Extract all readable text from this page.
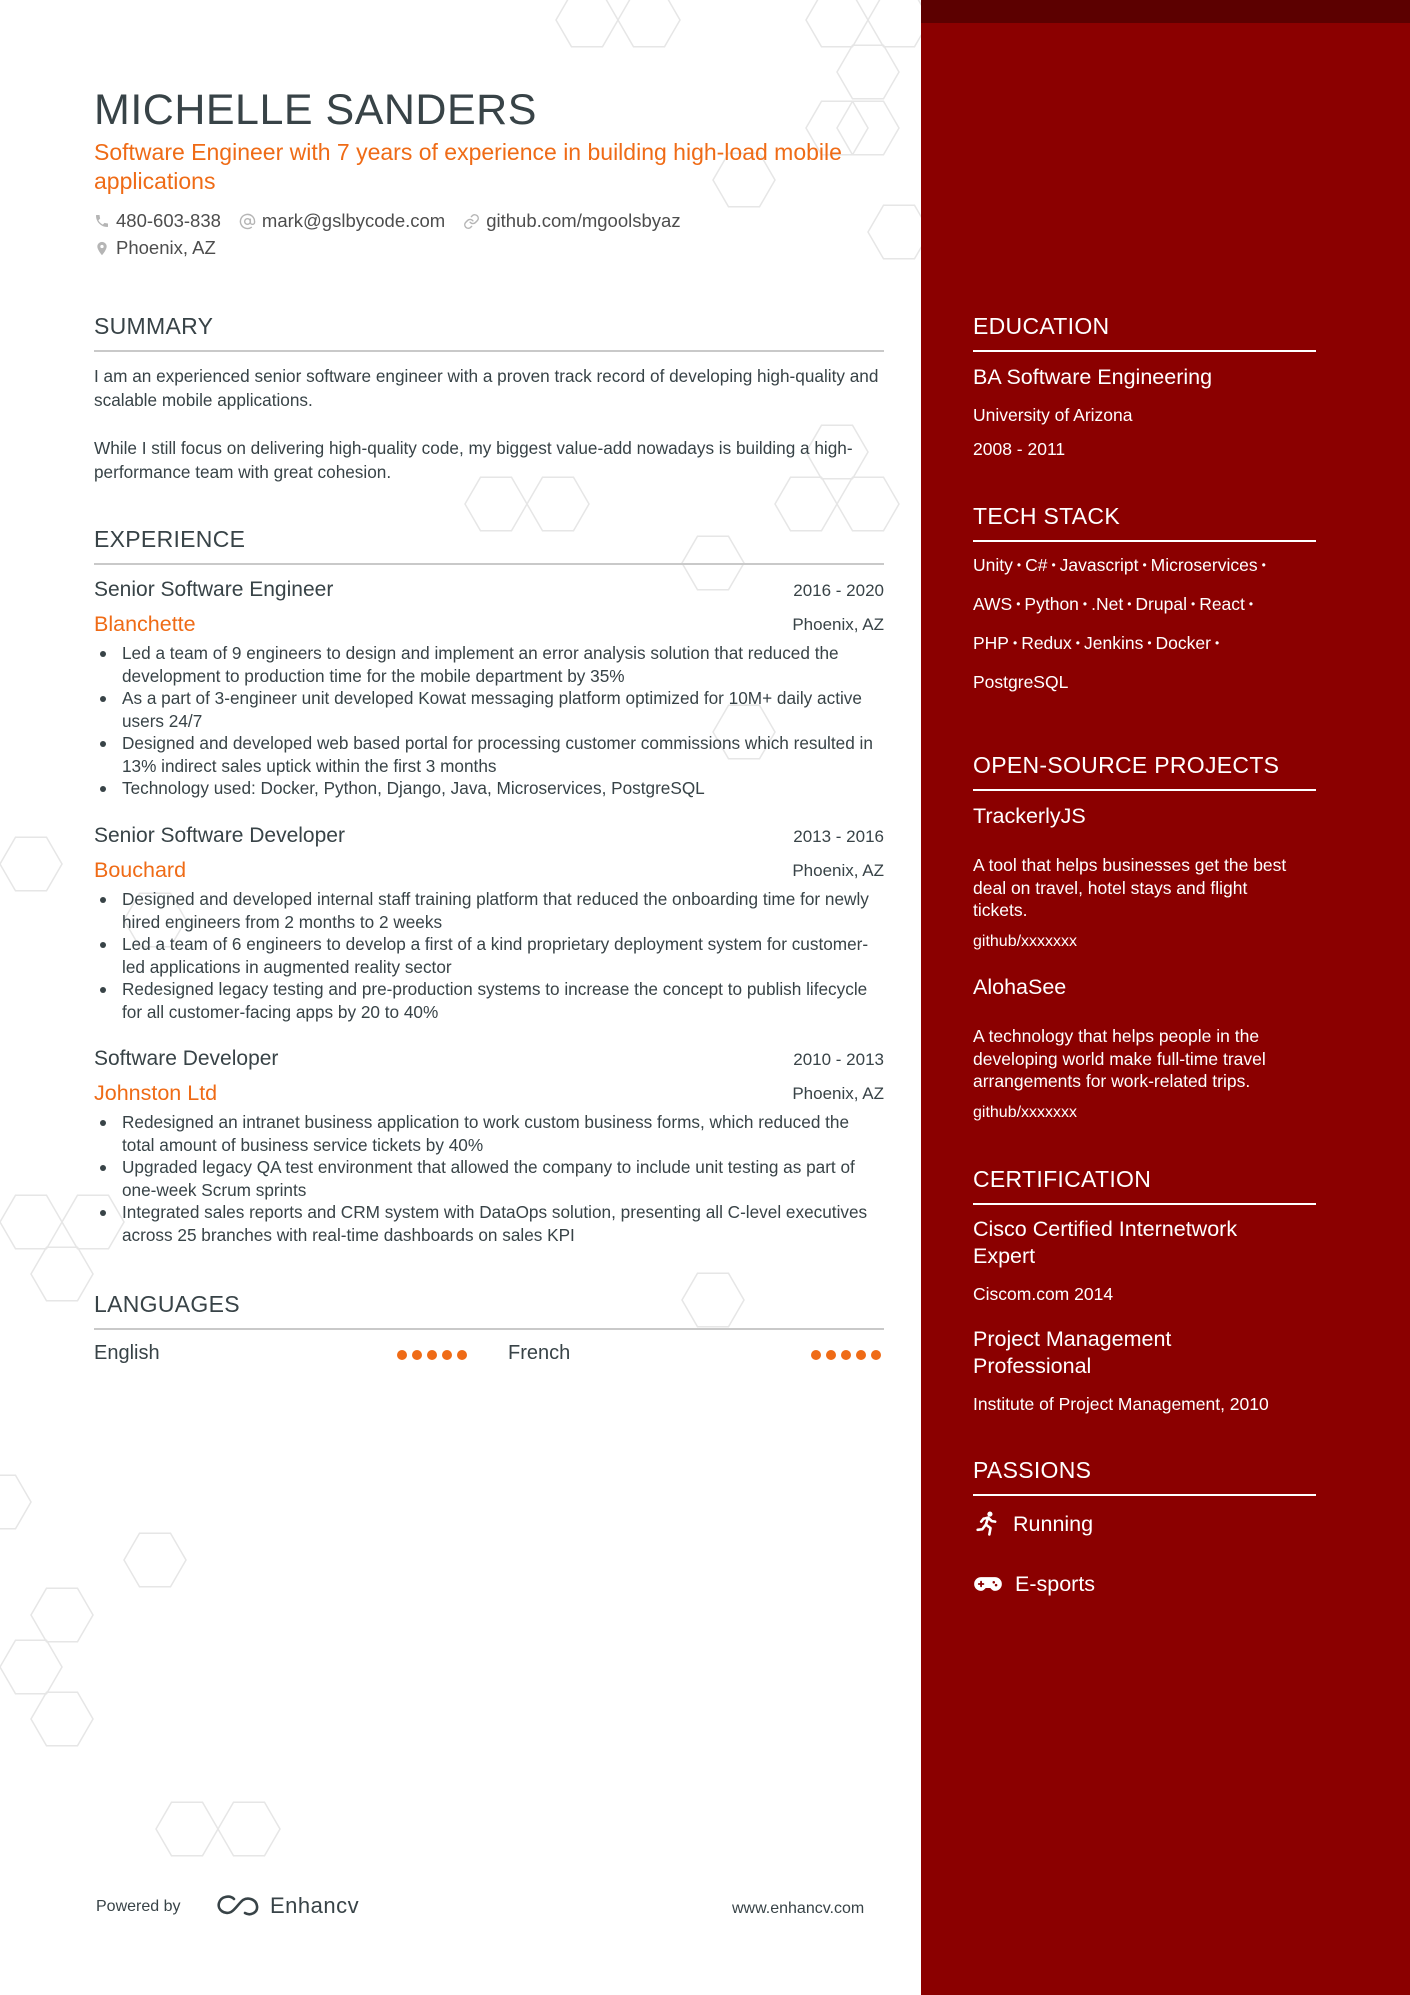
MICHELLE SANDERS
Software Engineer with 7 years of experience in building high-load mobile applications
480-603-838 mark@gslbycode.com github.com/mgoolsbyaz
Phoenix, AZ
SUMMARY

I am an experienced senior software engineer with a proven track record of developing high-quality and scalable mobile applications.

While I still focus on delivering high-quality code, my biggest value-add nowadays is building a high-performance team with great cohesion.

EXPERIENCE
Senior Software Engineer	2016 - 2020
Blanchette	Phoenix, AZ
Led a team of 9 engineers to design and implement an error analysis solution that reduced the development to production time for the mobile department by 35%
As a part of 3-engineer unit developed Kowat messaging platform optimized for 10M+ daily active users 24/7
Designed and developed web based portal for processing customer commissions which resulted in 13% indirect sales uptick within the first 3 months
Technology used: Docker, Python, Django, Java, Microservices, PostgreSQL
Senior Software Developer	2013 - 2016
Bouchard	Phoenix, AZ
Designed and developed internal staff training platform that reduced the onboarding time for newly hired engineers from 2 months to 2 weeks
Led a team of 6 engineers to develop a first of a kind proprietary deployment system for customer-led applications in augmented reality sector
Redesigned legacy testing and pre-production systems to increase the concept to publish lifecycle for all customer-facing apps by 20 to 40%
Software Developer	2010 - 2013
Johnston Ltd	Phoenix, AZ
Redesigned an intranet business application to work custom business forms, which reduced the total amount of business service tickets by 40%
Upgraded legacy QA test environment that allowed the company to include unit testing as part of one-week Scrum sprints
Integrated sales reports and CRM system with DataOps solution, presenting all C-level executives across 25 branches with real-time dashboards on sales KPI
LANGUAGES
English	French
Powered by	Enhancv	www.enhancv.com
EDUCATION
BA Software Engineering
University of Arizona
2008 - 2011
TECH STACK
Unity • C# • Javascript • Microservices •
AWS • Python • .Net • Drupal • React •
PHP • Redux • Jenkins • Docker •
PostgreSQL
OPEN-SOURCE PROJECTS
TrackerlyJS
A tool that helps businesses get the best deal on travel, hotel stays and flight tickets.
github/xxxxxxx
AlohaSee
A technology that helps people in the developing world make full-time travel arrangements for work-related trips.
github/xxxxxxx
CERTIFICATION
Cisco Certified Internetwork Expert
Ciscom.com 2014
Project Management Professional
Institute of Project Management, 2010
PASSIONS
Running
E-sports
